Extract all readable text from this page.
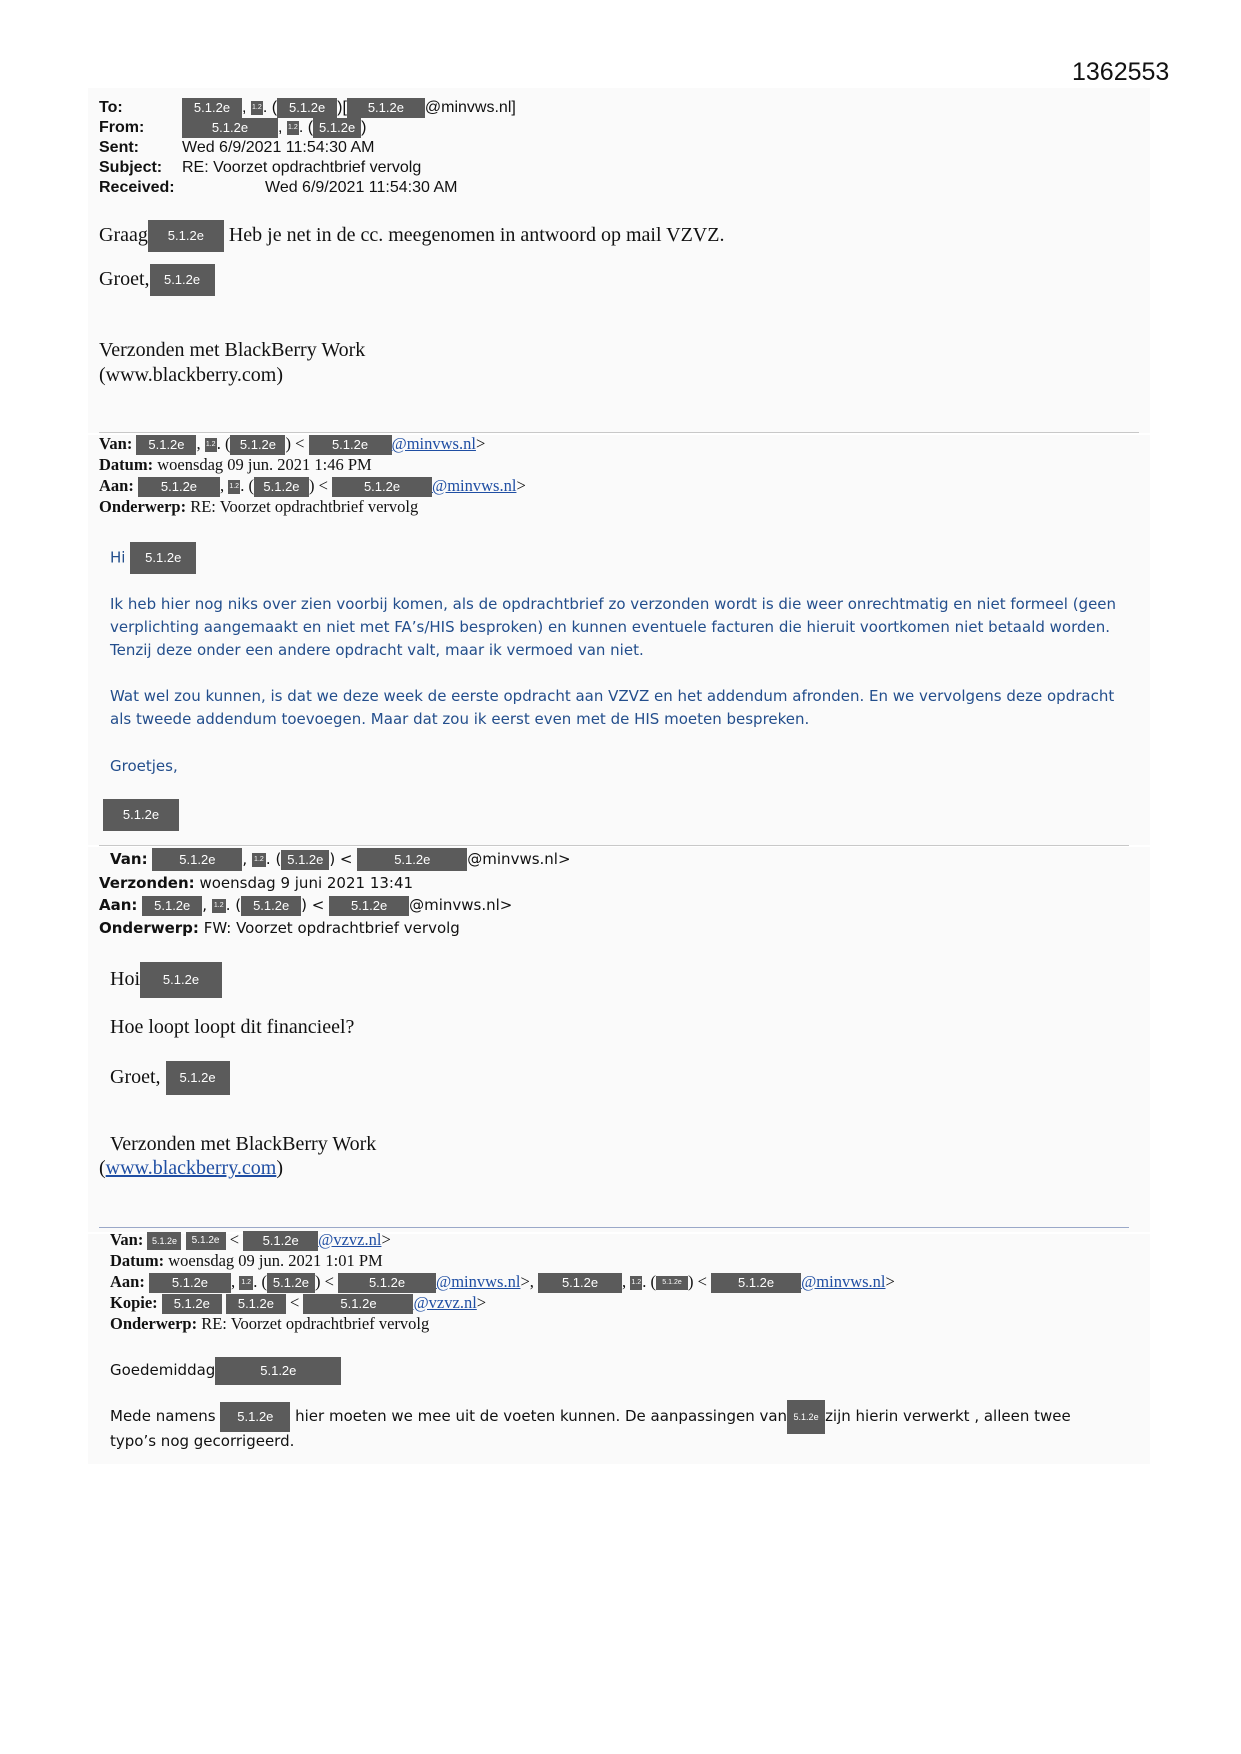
1362553
To:	5.1.2e , 1.2. ( 5.1.2e )[ 5.1.2e @minvws.nl]
From:	5.1.2e , 1.2. ( 5.1.2e )
Sent:	Wed 6/9/2021 11:54:30 AM
Subject: RE: Voorzet opdrachtbrief vervolg
Received:	Wed 6/9/2021 11:54:30 AM
Graag 5.1.2e Heb je net in de cc. meegenomen in antwoord op mail VZVZ.
Groet, 5.1.2e
Verzonden met BlackBerry Work
(www.blackberry.com)
Van: 5.1.2e , 1.2. ( 5.1.2e ) < 5.1.2e @minvws.nl>
Datum: woensdag 09 jun. 2021 1:46 PM
Aan: 5.1.2e , 1.2. ( 5.1.2e ) < 5.1.2e @minvws.nl>
Onderwerp: RE: Voorzet opdrachtbrief vervolg
Hi 5.1.2e
Ik heb hier nog niks over zien voorbij komen, als de opdrachtbrief zo verzonden wordt is die weer onrechtmatig en niet formeel (geen verplichting aangemaakt en niet met FA’s/HIS besproken) en kunnen eventuele facturen die hieruit voortkomen niet betaald worden. Tenzij deze onder een andere opdracht valt, maar ik vermoed van niet.
Wat wel zou kunnen, is dat we deze week de eerste opdracht aan VZVZ en het addendum afronden. En we vervolgens deze opdracht als tweede addendum toevoegen. Maar dat zou ik eerst even met de HIS moeten bespreken.
Groetjes,
5.1.2e
Van: 5.1.2e , 1.2 . ( 5.1.2e ) <	5.1.2e @minvws.nl>
Verzonden: woensdag 9 juni 2021 13:41
Aan: 5.1.2e , 1.2 . ( 5.1.2e ) < 5.1.2e @minvws.nl>
Onderwerp: FW: Voorzet opdrachtbrief vervolg
Hoi 5.1.2e
Hoe loopt loopt dit financieel?
Groet, 5.1.2e
Verzonden met BlackBerry Work
(www.blackberry.com)
Van: 5.1.2e 5.1.2e < 5.1.2e @vzvz.nl>
Datum: woensdag 09 jun. 2021 1:01 PM
Aan: 5.1.2e , 1.2 . ( 5.1.2e ) < 5.1.2e @minvws.nl>, 5.1.2e , 1.2. ( 5.1.2e ) < 5.1.2e @minvws.nl>
Kopie: 5.1.2e 5.1.2e <	5.1.2e @vzvz.nl>
Onderwerp: RE: Voorzet opdrachtbrief vervolg
Goedemiddag	5.1.2e
Mede namens 5.1.2e hier moeten we mee uit de voeten kunnen. De aanpassingen van 5.1.2e zijn hierin verwerkt , alleen twee
typo’s nog gecorrigeerd.
